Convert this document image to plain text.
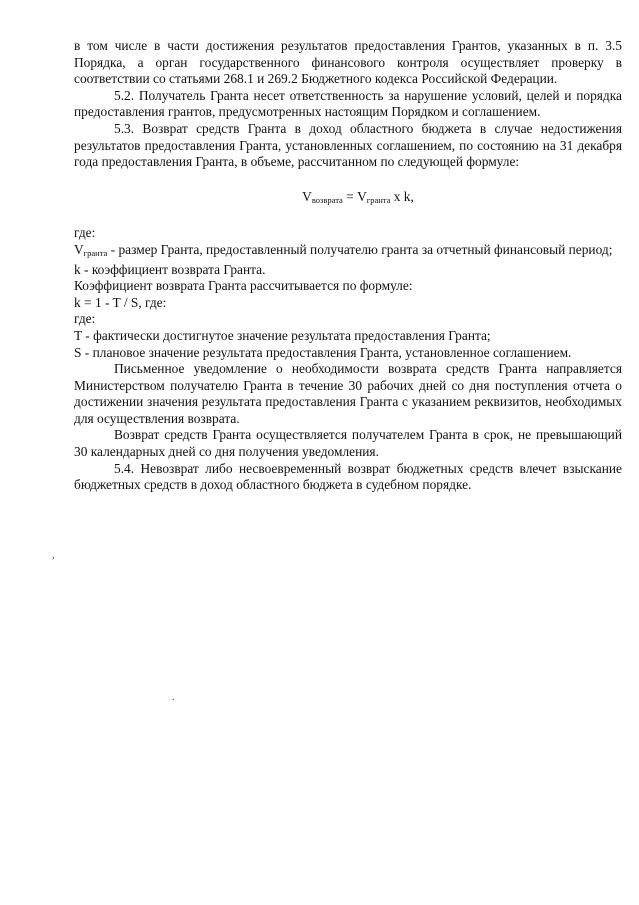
в том числе в части достижения результатов предоставления Грантов, указанных в п. 3.5 Порядка, а орган государственного финансового контроля осуществляет проверку в соответствии со статьями 268.1 и 269.2 Бюджетного кодекса Российской Федерации.

5.2. Получатель Гранта несет ответственность за нарушение условий, целей и порядка предоставления грантов, предусмотренных настоящим Порядком и соглашением.

5.3. Возврат средств Гранта в доход областного бюджета в случае недостижения результатов предоставления Гранта, установленных соглашением, по состоянию на 31 декабря года предоставления Гранта, в объеме, рассчитанном по следующей формуле:

$V_{возврата} = V_{гранта}$ x k,

где:

$V_{гранта}$ - размер Гранта, предоставленный получателю гранта за отчетный финансовый период;

k - коэффициент возврата Гранта.

Коэффициент возврата Гранта рассчитывается по формуле:

k = 1 - T / S, где:

где:

T - фактически достигнутое значение результата предоставления Гранта;

S - плановое значение результата предоставления Гранта, установленное соглашением.

Письменное уведомление о необходимости возврата средств Гранта направляется Министерством получателю Гранта в течение 30 рабочих дней со дня поступления отчета о достижении значения результата предоставления Гранта с указанием реквизитов, необходимых для осуществления возврата.

Возврат средств Гранта осуществляется получателем Гранта в срок, не превышающий 30 календарных дней со дня получения уведомления.

5.4. Невозврат либо несвоевременный возврат бюджетных средств влечет взыскание бюджетных средств в доход областного бюджета в судебном порядке.

,
.
